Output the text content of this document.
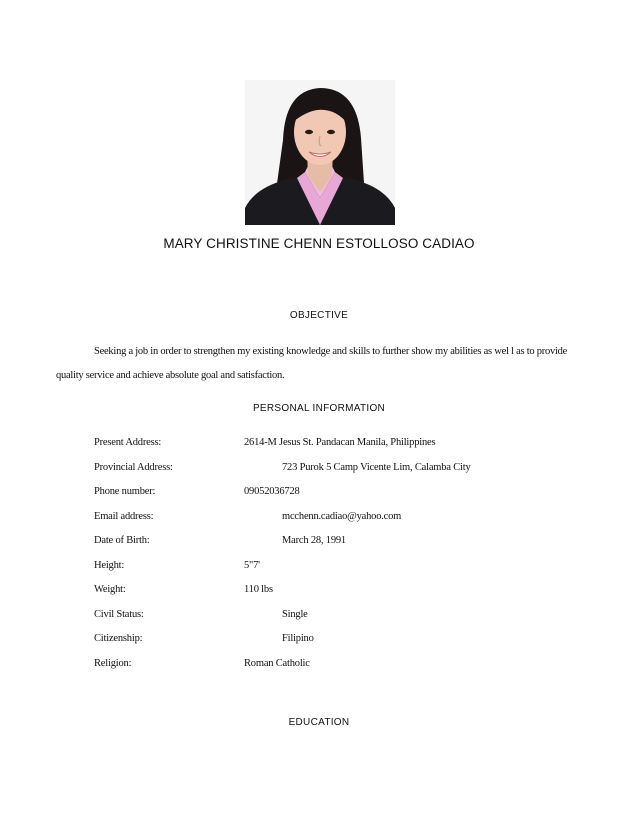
MARY CHRISTINE CHENN ESTOLLOSO CADIAO
OBJECTIVE
Seeking a job in order to strengthen my existing knowledge and skills to further show my abilities as wel l as to provide quality service and achieve absolute goal and satisfaction.
PERSONAL INFORMATION
Present Address:	2614-M Jesus St. Pandacan Manila, Philippines
Provincial Address:	723 Purok 5 Camp Vicente Lim, Calamba City
Phone number:	09052036728
Email address:	mcchenn.cadiao@yahoo.com
Date of Birth:	March 28, 1991
Height:	5"7'
Weight:	110 lbs
Civil Status:	Single
Citizenship:	Filipino
Religion:	Roman Catholic
EDUCATION
